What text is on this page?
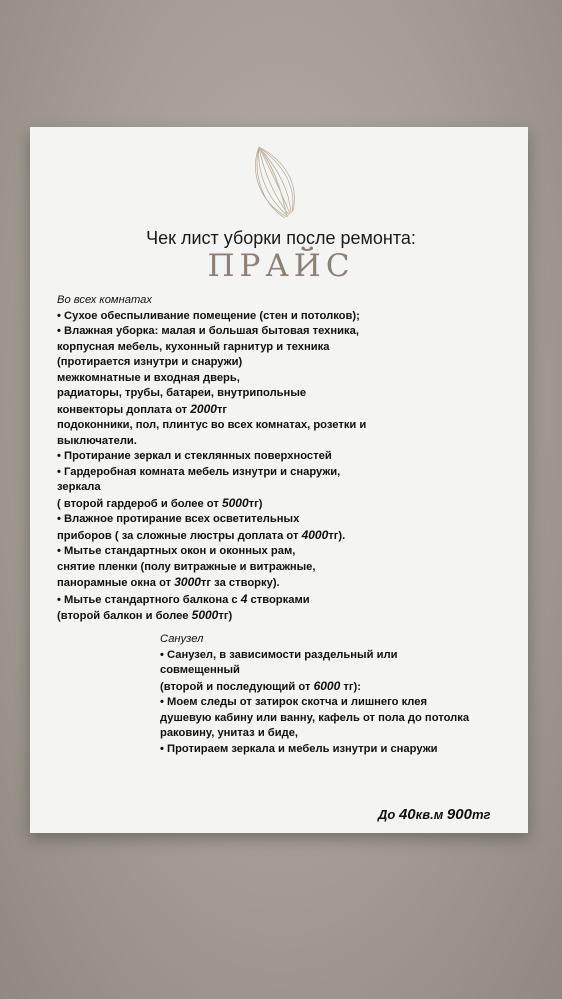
Чек лист уборки после ремонта:
ПРАЙС
Во всех комнатах
• Сухое обеспыливание помещение (стен и потолков);
• Влажная уборка: малая и большая бытовая техника,
корпусная мебель, кухонный гарнитур и техника
(протирается изнутри и снаружи)
межкомнатные и входная дверь,
радиаторы, трубы, батареи, внутрипольные
конвекторы доплата от 2000тг
подоконники, пол, плинтус во всех комнатах, розетки и
выключатели.
• Протирание зеркал и стеклянных поверхностей
• Гардеробная комната мебель изнутри и снаружи,
зеркала
( второй гардероб и более от 5000тг)
• Влажное протирание всех осветительных
приборов ( за сложные люстры доплата от 4000тг).
• Мытье стандартных окон и оконных рам,
снятие пленки (полу витражные и витражные,
панорамные окна от 3000тг за створку).
• Мытье стандартного балкона с 4 створками
(второй балкон и более 5000тг)
Санузел
• Санузел, в зависимости раздельный или
совмещенный
(второй и последующий от 6000 тг):
• Моем следы от затирок скотча и лишнего клея
душевую кабину или ванну, кафель от пола до потолка
раковину, унитаз и биде,
• Протираем зеркала и мебель изнутри и снаружи
До 40кв.м 900тг
